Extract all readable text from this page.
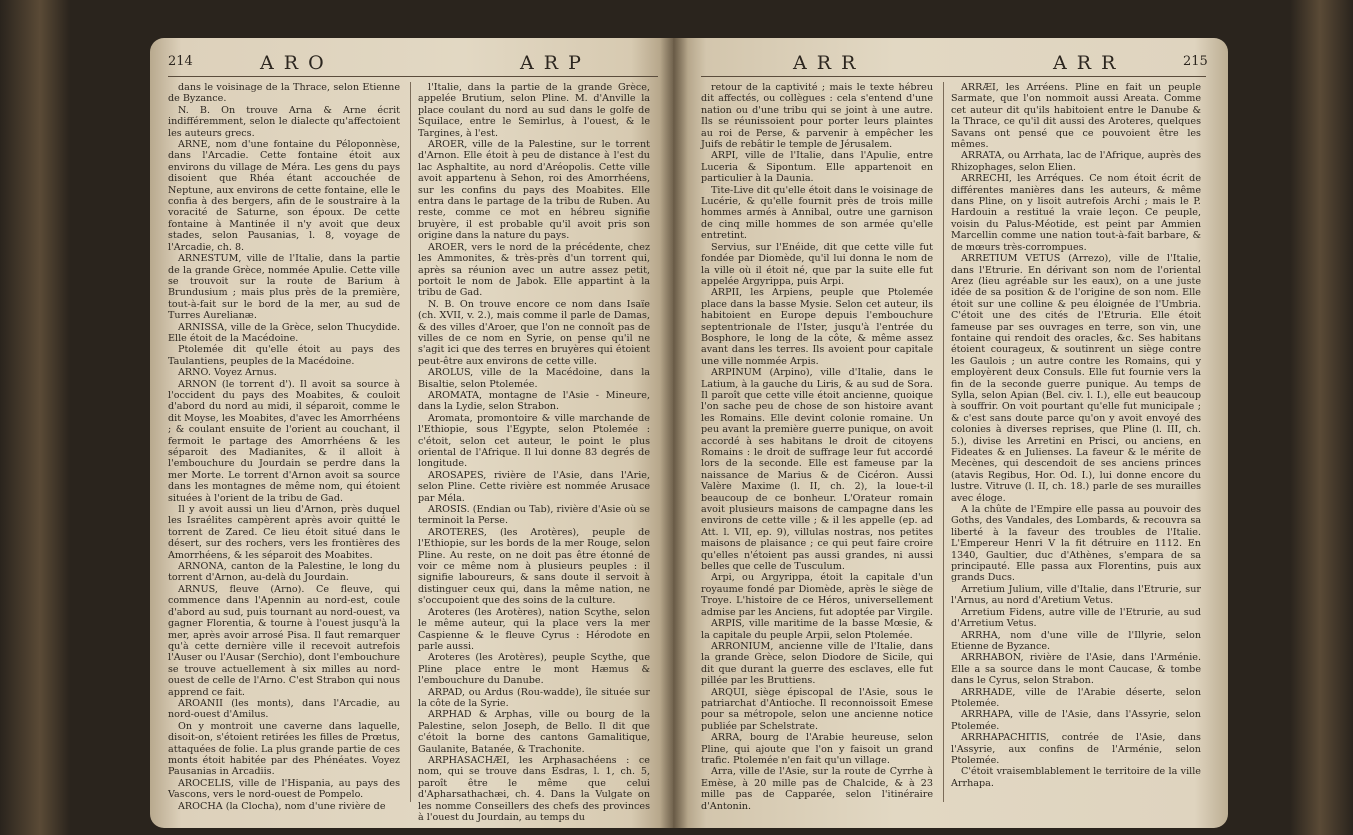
214	A R O	A R P

dans le voisinage de la Thrace, selon Etienne de Byzance.

N. B. On trouve Arna & Arne écrit indifféremment, selon le dialecte qu'affectoient les auteurs grecs.

ARNE, nom d'une fontaine du Péloponnèse, dans l'Arcadie. Cette fontaine étoit aux environs du village de Méra. Les gens du pays disoient que Rhéa étant accouchée de Neptune, aux environs de cette fontaine, elle le confia à des bergers, afin de le soustraire à la voracité de Saturne, son époux. De cette fontaine à Mantinée il n'y avoit que deux stades, selon Pausanias, l. 8, voyage de l'Arcadie, ch. 8.

ARNESTUM, ville de l'Italie, dans la partie de la grande Grèce, nommée Apulie. Cette ville se trouvoit sur la route de Barium à Brundusium ; mais plus près de la première, tout-à-fait sur le bord de la mer, au sud de Turres Aurelianæ.

ARNISSA, ville de la Grèce, selon Thucydide. Elle étoit de la Macédoine.

Ptolemée dit qu'elle étoit au pays des Taulantiens, peuples de la Macédoine.

ARNO. Voyez Arnus.

ARNON (le torrent d'). Il avoit sa source à l'occident du pays des Moabites, & couloit d'abord du nord au midi, il séparoit, comme le dit Moyse, les Moabites, d'avec les Amorrhéens ; & coulant ensuite de l'orient au couchant, il fermoit le partage des Amorrhéens & les séparoit des Madianites, & il alloit à l'embouchure du Jourdain se perdre dans la mer Morte. Le torrent d'Arnon avoit sa source dans les montagnes de même nom, qui étoient situées à l'orient de la tribu de Gad.

Il y avoit aussi un lieu d'Arnon, près duquel les Israélites campèrent après avoir quitté le torrent de Zared. Ce lieu étoit situé dans le désert, sur des rochers, vers les frontières des Amorrhéens, & les séparoit des Moabites.

ARNONA, canton de la Palestine, le long du torrent d'Arnon, au-delà du Jourdain.

ARNUS, fleuve (Arno). Ce fleuve, qui commence dans l'Apennin au nord-est, coule d'abord au sud, puis tournant au nord-ouest, va gagner Florentia, & tourne à l'ouest jusqu'à la mer, après avoir arrosé Pisa. Il faut remarquer qu'à cette dernière ville il recevoit autrefois l'Auser ou l'Ausar (Serchio), dont l'embouchure se trouve actuellement à six milles au nord-ouest de celle de l'Arno. C'est Strabon qui nous apprend ce fait.

AROANII (les monts), dans l'Arcadie, au nord-ouest d'Amilus.

On y montroit une caverne dans laquelle, disoit-on, s'étoient retirées les filles de Prœtus, attaquées de folie. La plus grande partie de ces monts étoit habitée par des Phénéates. Voyez Pausanias in Arcadiis.

AROCELIS, ville de l'Hispania, au pays des Vascons, vers le nord-ouest de Pompelo.

AROCHA (la Clocha), nom d'une rivière de

l'Italie, dans la partie de la grande Grèce, appelée Brutium, selon Pline. M. d'Anville la place coulant du nord au sud dans le golfe de Squilace, entre le Semirlus, à l'ouest, & le Targines, à l'est.

AROER, ville de la Palestine, sur le torrent d'Arnon. Elle étoit à peu de distance à l'est du lac Asphaltite, au nord d'Aréopolis. Cette ville avoit appartenu à Sehon, roi des Amorrhéens, sur les confins du pays des Moabites. Elle entra dans le partage de la tribu de Ruben. Au reste, comme ce mot en hébreu signifie bruyère, il est probable qu'il avoit pris son origine dans la nature du pays.

AROER, vers le nord de la précédente, chez les Ammonites, & très-près d'un torrent qui, après sa réunion avec un autre assez petit, portoit le nom de Jabok. Elle appartint à la tribu de Gad.

N. B. On trouve encore ce nom dans Isaïe (ch. XVII, v. 2.), mais comme il parle de Damas, & des villes d'Aroer, que l'on ne connoît pas de villes de ce nom en Syrie, on pense qu'il ne s'agit ici que des terres en bruyères qui étoient peut-être aux environs de cette ville.

AROLUS, ville de la Macédoine, dans la Bisaltie, selon Ptolemée.

AROMATA, montagne de l'Asie - Mineure, dans la Lydie, selon Strabon.

Aromata, promontoire & ville marchande de l'Ethiopie, sous l'Egypte, selon Ptolemée : c'étoit, selon cet auteur, le point le plus oriental de l'Afrique. Il lui donne 83 degrés de longitude.

AROSAPES, rivière de l'Asie, dans l'Arie, selon Pline. Cette rivière est nommée Arusace par Méla.

AROSIS. (Endian ou Tab), rivière d'Asie où se terminoit la Perse.

AROTERES, (les Arotères), peuple de l'Ethiopie, sur les bords de la mer Rouge, selon Pline. Au reste, on ne doit pas être étonné de voir ce même nom à plusieurs peuples : il signifie laboureurs, & sans doute il servoit à distinguer ceux qui, dans la même nation, ne s'occupoient que des soins de la culture.

Aroteres (les Arotères), nation Scythe, selon le même auteur, qui la place vers la mer Caspienne & le fleuve Cyrus : Hérodote en parle aussi.

Aroteres (les Arotères), peuple Scythe, que Pline place entre le mont Hæmus & l'embouchure du Danube.

ARPAD, ou Ardus (Rou-wadde), île située sur la côte de la Syrie.

ARPHAD & Arphas, ville ou bourg de la Palestine, selon Joseph, de Bello. Il dit que c'étoit la borne des cantons Gamalitique, Gaulanite, Batanée, & Trachonite.

ARPHASACHÆI, les Arphasachéens : ce nom, qui se trouve dans Esdras, l. 1, ch. 5, paroît être le même que celui d'Apharsathachæi, ch. 4. Dans la Vulgate on les nomme Conseillers des chefs des provinces à l'ouest du Jourdain, au temps du

A R R	A R R	215

retour de la captivité ; mais le texte hébreu dit affectés, ou collègues : cela s'entend d'une nation ou d'une tribu qui se joint à une autre. Ils se réunissoient pour porter leurs plaintes au roi de Perse, & parvenir à empêcher les Juifs de rebâtir le temple de Jérusalem.

ARPI, ville de l'Italie, dans l'Apulie, entre Luceria & Sipontum. Elle appartenoit en particulier à la Daunia.

Tite-Live dit qu'elle étoit dans le voisinage de Lucérie, & qu'elle fournit près de trois mille hommes armés à Annibal, outre une garnison de cinq mille hommes de son armée qu'elle entretint.

Servius, sur l'Enéide, dit que cette ville fut fondée par Diomède, qu'il lui donna le nom de la ville où il étoit né, que par la suite elle fut appelée Argyrippa, puis Arpi.

ARPII, les Arpiens, peuple que Ptolemée place dans la basse Mysie. Selon cet auteur, ils habitoient en Europe depuis l'embouchure septentrionale de l'Ister, jusqu'à l'entrée du Bosphore, le long de la côte, & même assez avant dans les terres. Ils avoient pour capitale une ville nommée Arpis.

ARPINUM (Arpino), ville d'Italie, dans le Latium, à la gauche du Liris, & au sud de Sora. Il paroît que cette ville étoit ancienne, quoique l'on sache peu de chose de son histoire avant les Romains. Elle devint colonie romaine. Un peu avant la première guerre punique, on avoit accordé à ses habitans le droit de citoyens Romains : le droit de suffrage leur fut accordé lors de la seconde. Elle est fameuse par la naissance de Marius & de Cicéron. Aussi Valère Maxime (l. II, ch. 2), la loue-t-il beaucoup de ce bonheur. L'Orateur romain avoit plusieurs maisons de campagne dans les environs de cette ville ; & il les appelle (ep. ad Att. l. VII, ep. 9), villulas nostras, nos petites maisons de plaisance ; ce qui peut faire croire qu'elles n'étoient pas aussi grandes, ni aussi belles que celle de Tusculum.

Arpi, ou Argyrippa, étoit la capitale d'un royaume fondé par Diomède, après le siège de Troye. L'histoire de ce Héros, universellement admise par les Anciens, fut adoptée par Virgile.

ARPIS, ville maritime de la basse Mœsie, & la capitale du peuple Arpii, selon Ptolemée.

ARRONIUM, ancienne ville de l'Italie, dans la grande Grèce, selon Diodore de Sicile, qui dit que durant la guerre des esclaves, elle fut pillée par les Bruttiens.

ARQUI, siège épiscopal de l'Asie, sous le patriarchat d'Antioche. Il reconnoissoit Emese pour sa métropole, selon une ancienne notice publiée par Schelstrate.

ARRA, bourg de l'Arabie heureuse, selon Pline, qui ajoute que l'on y faisoit un grand trafic. Ptolemée n'en fait qu'un village.

Arra, ville de l'Asie, sur la route de Cyrrhe à Emèse, à 20 mille pas de Chalcide, & à 23 mille pas de Capparée, selon l'itinéraire d'Antonin.

ARRÆI, les Arréens. Pline en fait un peuple Sarmate, que l'on nommoit aussi Areata. Comme cet auteur dit qu'ils habitoient entre le Danube & la Thrace, ce qu'il dit aussi des Aroteres, quelques Savans ont pensé que ce pouvoient être les mêmes.

ARRATA, ou Arrhata, lac de l'Afrique, auprès des Rhizophages, selon Elien.

ARRECHI, les Arréques. Ce nom étoit écrit de différentes manières dans les auteurs, & même dans Pline, on y lisoit autrefois Archi ; mais le P. Hardouin a restitué la vraie leçon. Ce peuple, voisin du Palus-Méotide, est peint par Ammien Marcellin comme une nation tout-à-fait barbare, & de mœurs très-corrompues.

ARRETIUM VETUS (Arrezo), ville de l'Italie, dans l'Etrurie. En dérivant son nom de l'oriental Arez (lieu agréable sur les eaux), on a une juste idée de sa position & de l'origine de son nom. Elle étoit sur une colline & peu éloignée de l'Umbria. C'étoit une des cités de l'Etruria. Elle étoit fameuse par ses ouvrages en terre, son vin, une fontaine qui rendoit des oracles, &c. Ses habitans étoient courageux, & soutinrent un siège contre les Gaulois ; un autre contre les Romains, qui y employèrent deux Consuls. Elle fut fournie vers la fin de la seconde guerre punique. Au temps de Sylla, selon Apian (Bel. civ. l. I.), elle eut beaucoup à souffrir. On voit pourtant qu'elle fut municipale ; & c'est sans doute parce qu'on y avoit envoyé des colonies à diverses reprises, que Pline (l. III, ch. 5.), divise les Arretini en Prisci, ou anciens, en Fideates & en Julienses. La faveur & le mérite de Mecènes, qui descendoit de ses anciens princes (atavis Regibus, Hor. Od. I.), lui donne encore du lustre. Vitruve (l. II, ch. 18.) parle de ses murailles avec éloge.

A la chûte de l'Empire elle passa au pouvoir des Goths, des Vandales, des Lombards, & recouvra sa liberté à la faveur des troubles de l'Italie. L'Empereur Henri V la fit détruire en 1112. En 1340, Gaultier, duc d'Athènes, s'empara de sa principauté. Elle passa aux Florentins, puis aux grands Ducs.

Arretium Julium, ville d'Italie, dans l'Etrurie, sur l'Arnus, au nord d'Aretium Vetus.

Arretium Fidens, autre ville de l'Etrurie, au sud d'Arretium Vetus.

ARRHA, nom d'une ville de l'Illyrie, selon Etienne de Byzance.

ARRHABON, rivière de l'Asie, dans l'Arménie. Elle a sa source dans le mont Caucase, & tombe dans le Cyrus, selon Strabon.

ARRHADE, ville de l'Arabie déserte, selon Ptolemée.

ARRHAPA, ville de l'Asie, dans l'Assyrie, selon Ptolemée.

ARRHAPACHITIS, contrée de l'Asie, dans l'Assyrie, aux confins de l'Arménie, selon Ptolemée.

C'étoit vraisemblablement le territoire de la ville Arrhapa.
